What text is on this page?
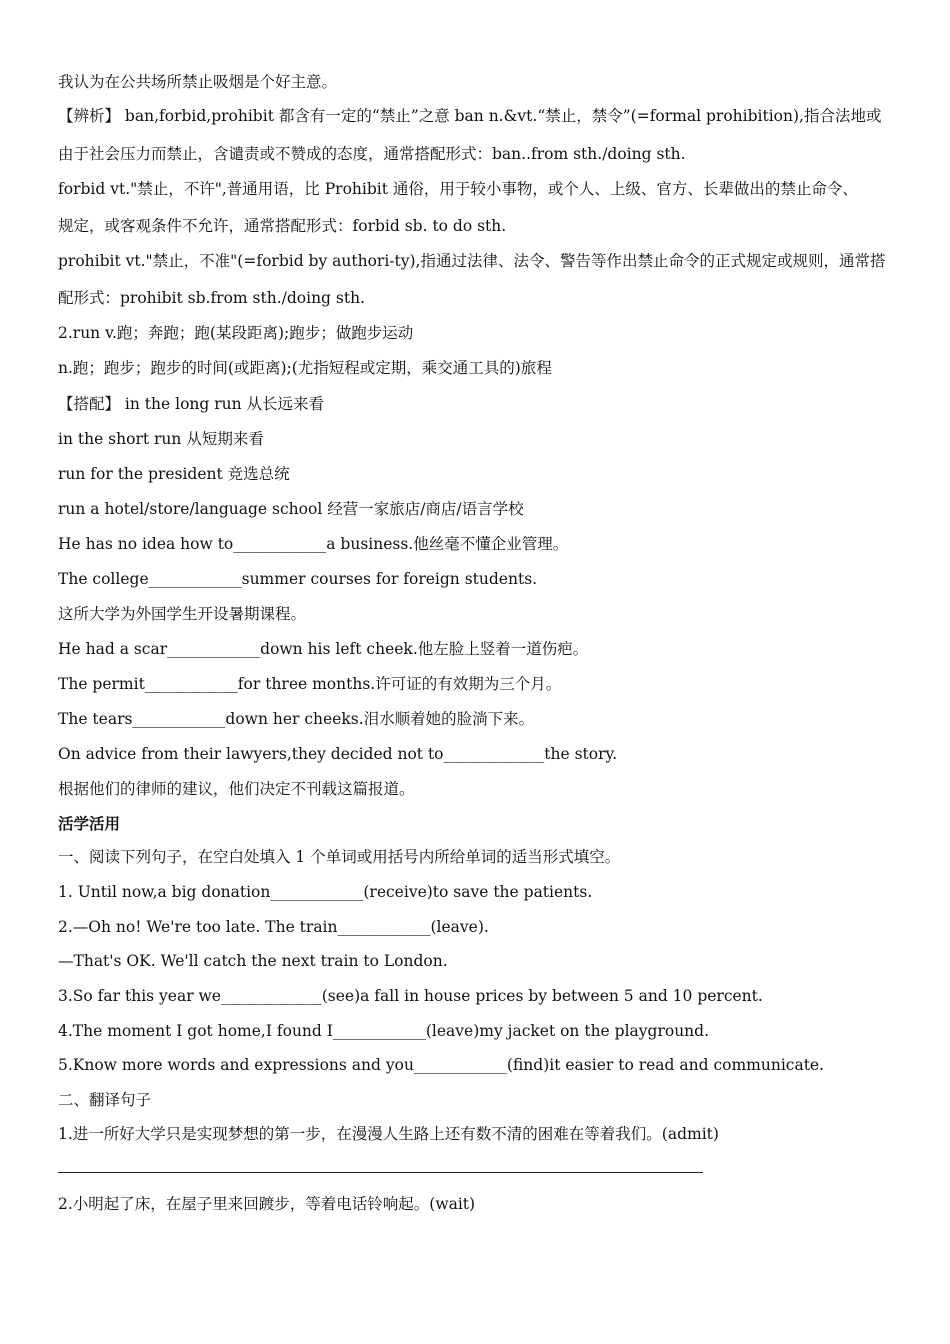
我认为在公共场所禁止吸烟是个好主意。
【辨析】 ban,forbid,prohibit 都含有一定的“禁止”之意 ban n.&vt.“禁止，禁令”(=formal prohibition),指合法地或
由于社会压力而禁止，含谴责或不赞成的态度，通常搭配形式：ban..from sth./doing sth.
forbid vt."禁止，不许",普通用语，比 Prohibit 通俗，用于较小事物，或个人、上级、官方、长辈做出的禁止命令、
规定，或客观条件不允许，通常搭配形式：forbid sb. to do sth.
prohibit vt."禁止，不准"(=forbid by authori-ty),指通过法律、法令、警告等作出禁止命令的正式规定或规则，通常搭
配形式：prohibit sb.from sth./doing sth.
2.run v.跑；奔跑；跑(某段距离);跑步；做跑步运动
n.跑；跑步；跑步的时间(或距离);(尤指短程或定期，乘交通工具的)旅程
【搭配】 in the long run 从长远来看
in the short run 从短期来看
run for the president 竞选总统
run a hotel/store/language school 经营一家旅店/商店/语言学校
He has no idea how to____________a business.他丝毫不懂企业管理。
The college____________summer courses for foreign students.
这所大学为外国学生开设暑期课程。
He had a scar____________down his left cheek.他左脸上竖着一道伤疤。
The permit____________for three months.许可证的有效期为三个月。
The tears____________down her cheeks.泪水顺着她的脸淌下来。
On advice from their lawyers,they decided not to_____________the story.
根据他们的律师的建议，他们决定不刊载这篇报道。
活学活用
一、阅读下列句子，在空白处填入 1 个单词或用括号内所给单词的适当形式填空。
1. Until now,a big donation____________(receive)to save the patients.
2.—Oh no! We're too late. The train____________(leave).
—That's OK. We'll catch the next train to London.
3.So far this year we_____________(see)a fall in house prices by between 5 and 10 percent.
4.The moment I got home,I found I____________(leave)my jacket on the playground.
5.Know more words and expressions and you____________(find)it easier to read and communicate.
二、翻译句子
1.进一所好大学只是实现梦想的第一步，在漫漫人生路上还有数不清的困难在等着我们。(admit)
2.小明起了床，在屋子里来回踱步，等着电话铃响起。(wait)
